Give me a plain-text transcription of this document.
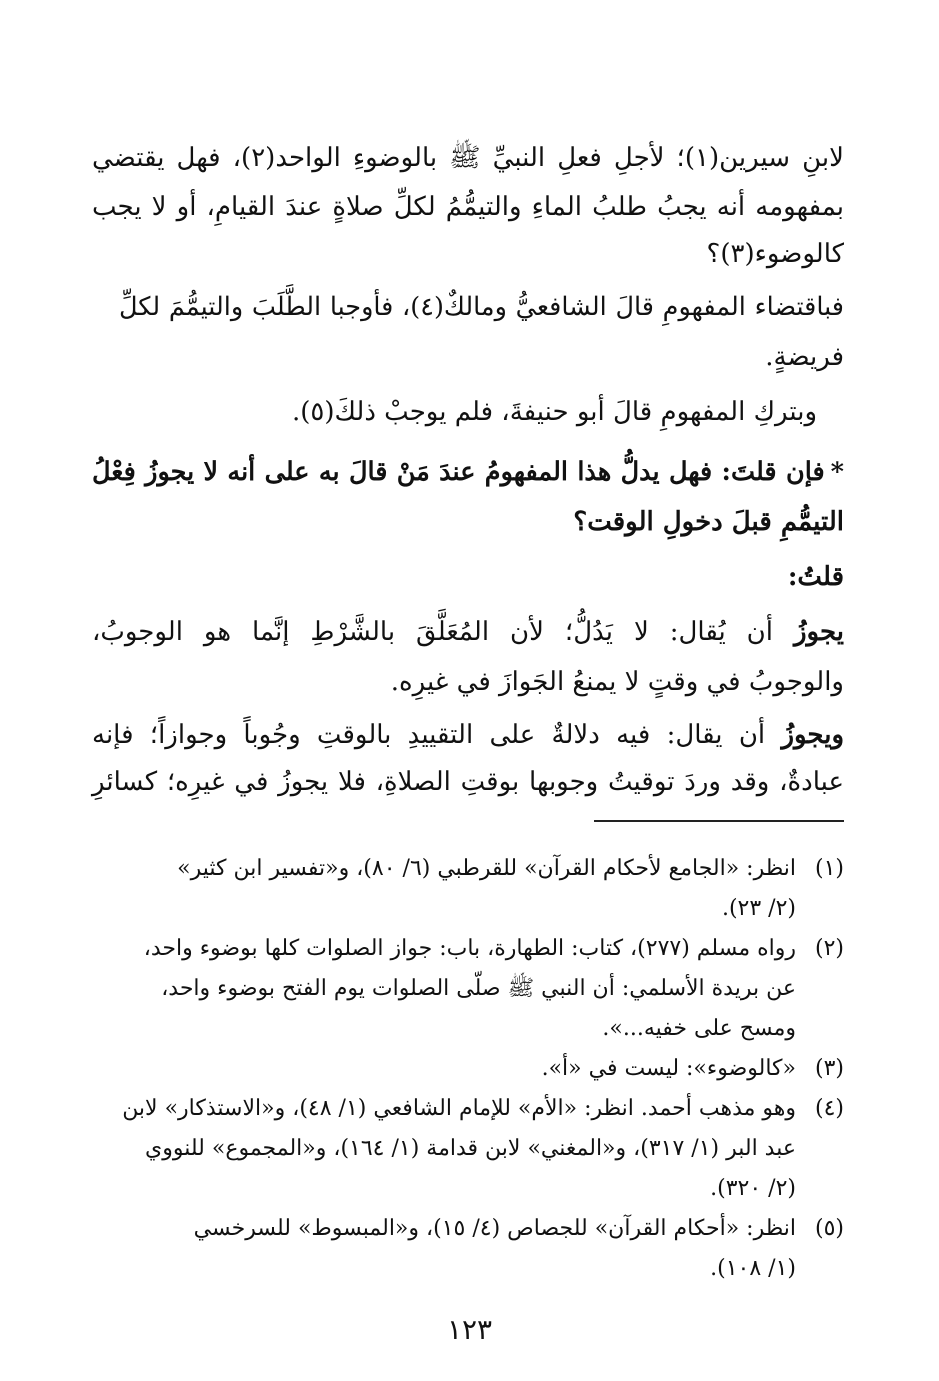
لابنِ سيرين(١)؛ لأجلِ فعلِ النبيِّ ﷺ بالوضوءِ الواحد(٢)، فهل يقتضي
بمفهومه أنه يجبُ طلبُ الماءِ والتيمُّمُ لكلِّ صلاةٍ عندَ القيامِ، أو لا يجب
كالوضوء(٣)؟
فباقتضاء المفهومِ قالَ الشافعيُّ ومالكٌ(٤)، فأوجبا الطَّلَبَ والتيمُّمَ لكلِّ
فريضةٍ.
وبتركِ المفهومِ قالَ أبو حنيفةَ، فلم يوجبْ ذلكَ(٥).
*فإن قلتَ: فهل يدلُّ هذا المفهومُ عندَ مَنْ قالَ به على أنه لا يجوزُ فِعْلُ
التيمُّمِ قبلَ دخولِ الوقت؟
قلتُ:
يجوزُ أن يُقال: لا يَدُلُّ؛ لأن المُعَلَّقَ بالشَّرْطِ إنَّما هو الوجوبُ،
والوجوبُ في وقتٍ لا يمنعُ الجَوازَ في غيرِه.
ويجوزُ أن يقال: فيه دلالةٌ على التقييدِ بالوقتِ وجُوباً وجوازاً؛ فإنه
عبادةٌ، وقد وردَ توقيتُ وجوبها بوقتِ الصلاةِ، فلا يجوزُ في غيرِه؛ كسائرِ
(١)انظر: «الجامع لأحكام القرآن» للقرطبي (٦/ ٨٠)، و«تفسير ابن كثير»
(٢/ ٢٣).
(٢)رواه مسلم (٢٧٧)، كتاب: الطهارة، باب: جواز الصلوات كلها بوضوء واحد،
عن بريدة الأسلمي: أن النبي ﷺ صلّى الصلوات يوم الفتح بوضوء واحد،
ومسح على خفيه...».
(٣)«كالوضوء»: ليست في «أ».
(٤)وهو مذهب أحمد. انظر: «الأم» للإمام الشافعي (١/ ٤٨)، و«الاستذكار» لابن
عبد البر (١/ ٣١٧)، و«المغني» لابن قدامة (١/ ١٦٤)، و«المجموع» للنووي
(٢/ ٣٢٠).
(٥)انظر: «أحكام القرآن» للجصاص (٤/ ١٥)، و«المبسوط» للسرخسي
(١/ ١٠٨).
١٢٣
